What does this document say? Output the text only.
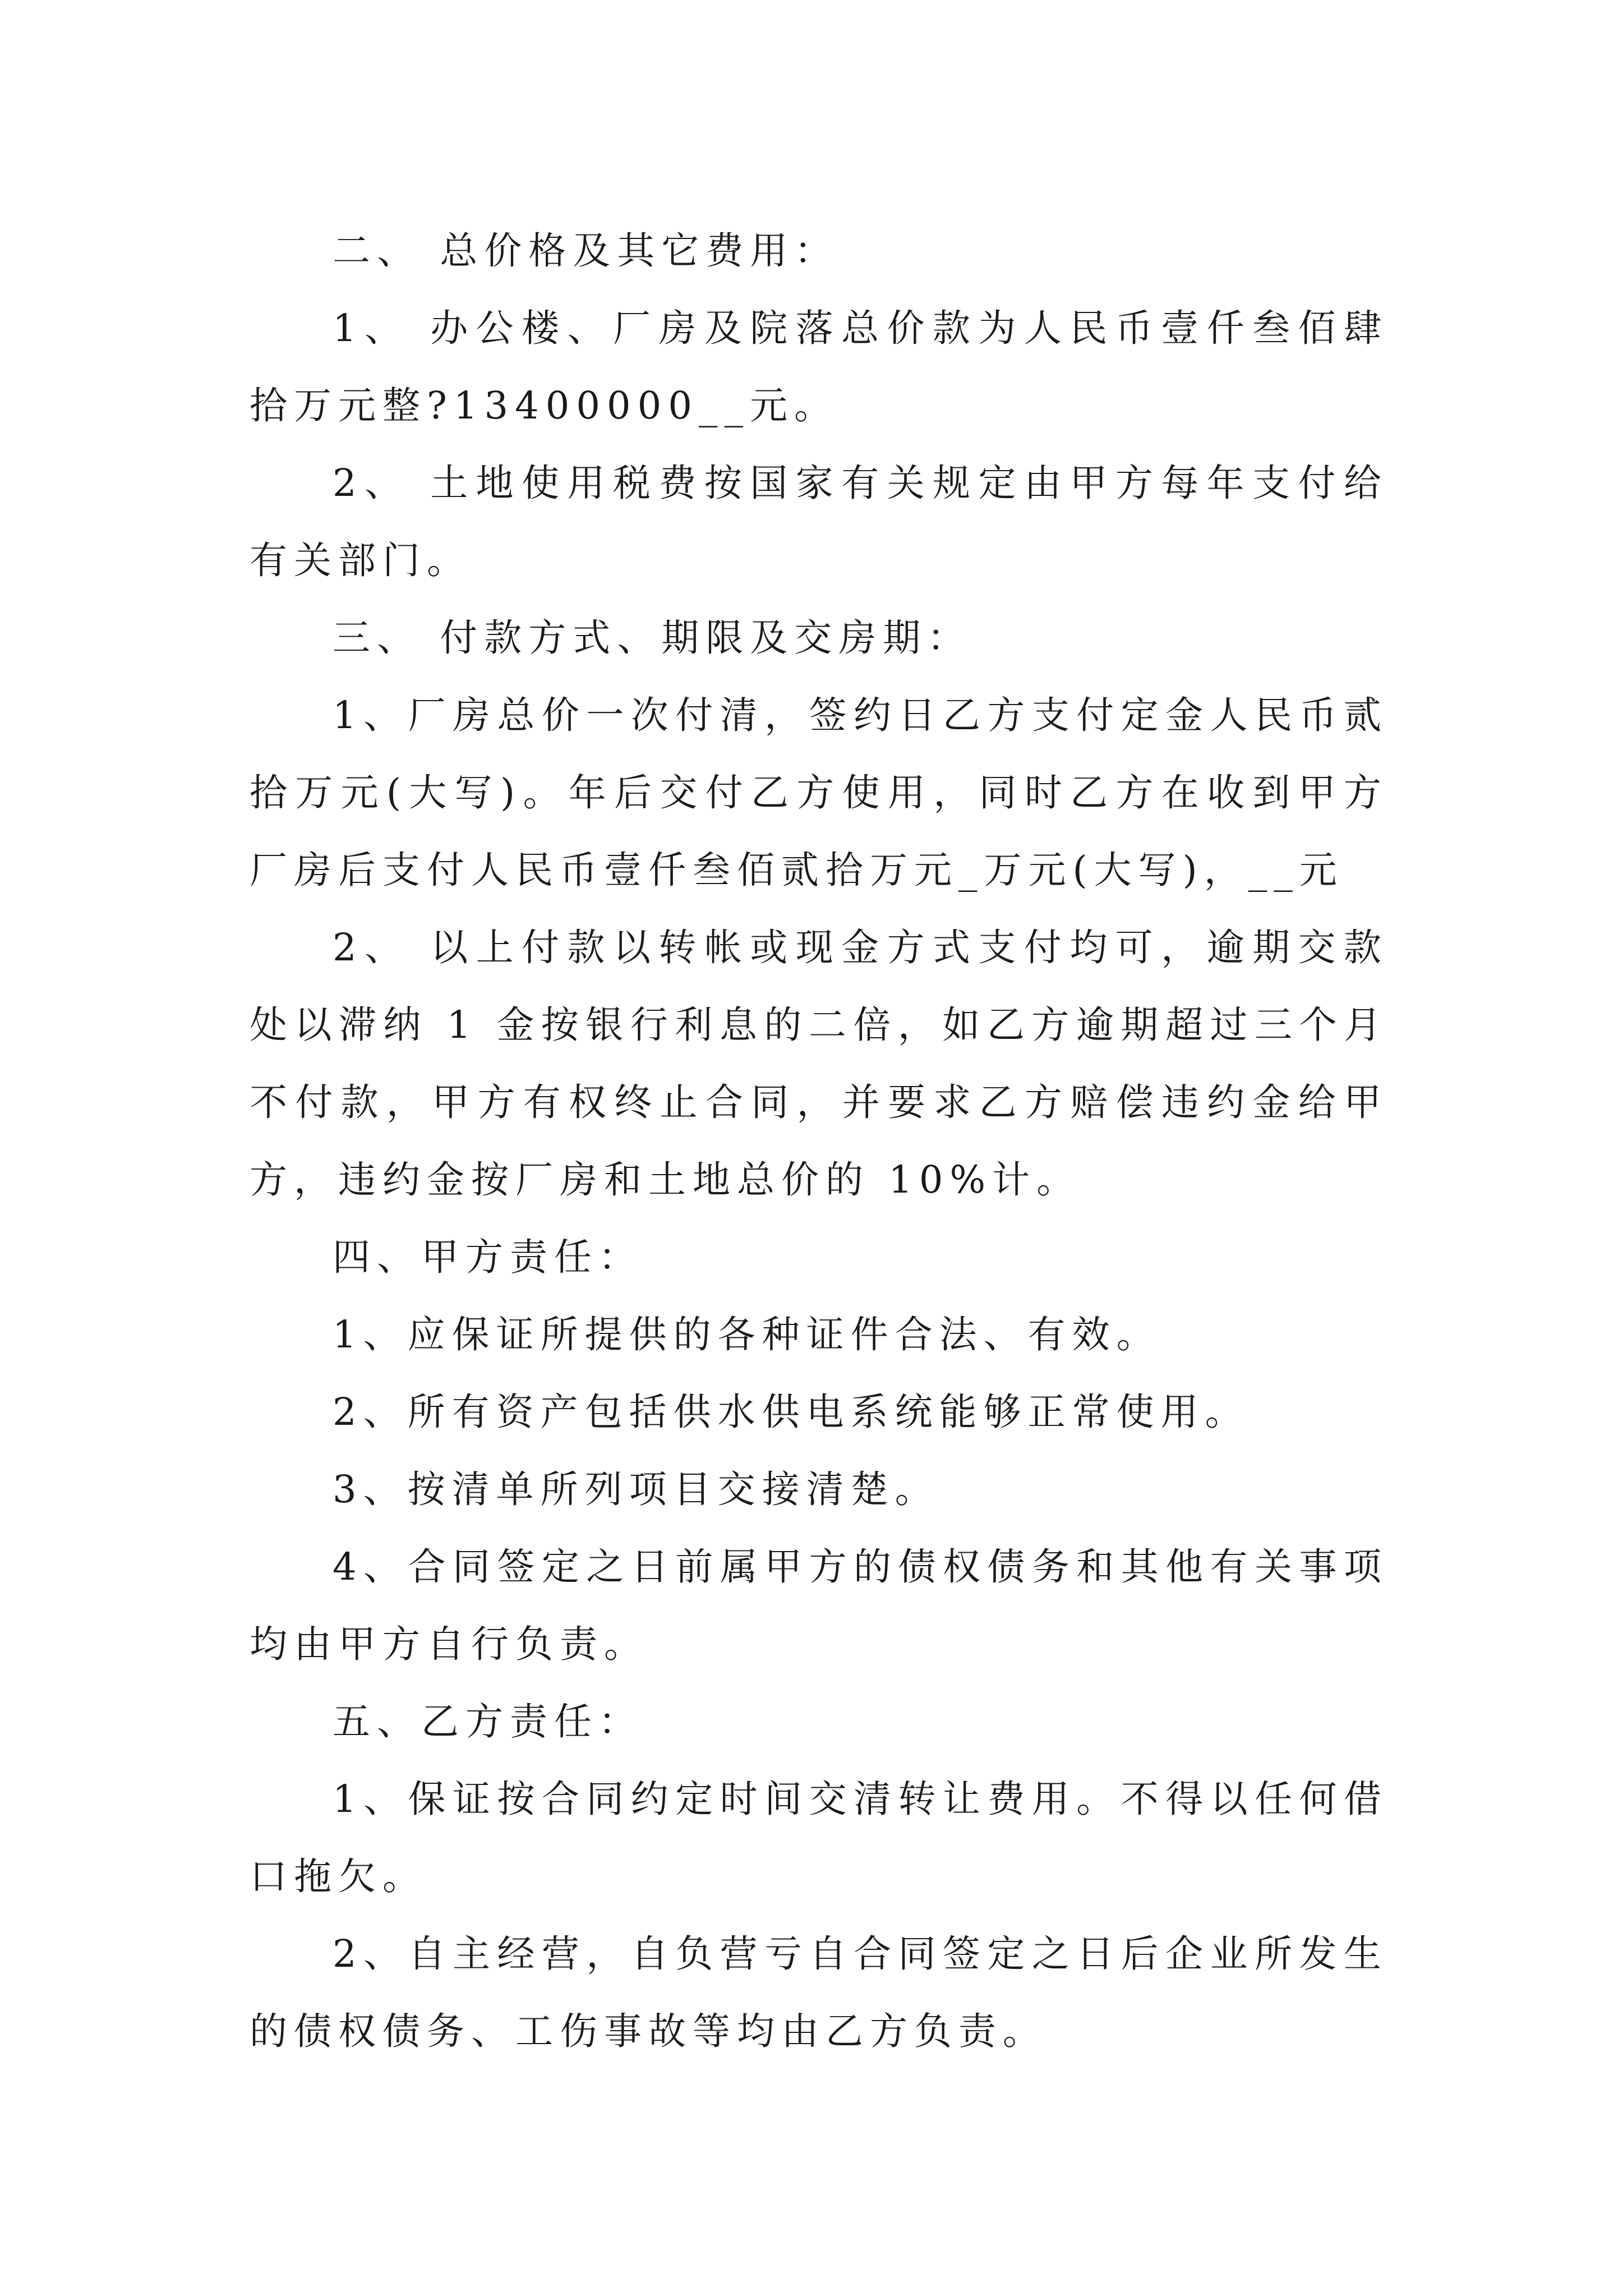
二、 总价格及其它费用：

1、 办公楼、厂房及院落总价款为人民币壹仟叁佰肆拾万元整?13400000__元。

2、 土地使用税费按国家有关规定由甲方每年支付给有关部门。

三、 付款方式、期限及交房期：

1、厂房总价一次付清，签约日乙方支付定金人民币贰拾万元(大写)。年后交付乙方使用，同时乙方在收到甲方厂房后支付人民币壹仟叁佰贰拾万元_万元(大写)，__元

2、 以上付款以转帐或现金方式支付均可，逾期交款处以滞纳 1 金按银行利息的二倍，如乙方逾期超过三个月不付款，甲方有权终止合同，并要求乙方赔偿违约金给甲方，违约金按厂房和土地总价的 10%计。

四、甲方责任：

1、应保证所提供的各种证件合法、有效。

2、所有资产包括供水供电系统能够正常使用。

3、按清单所列项目交接清楚。

4、合同签定之日前属甲方的债权债务和其他有关事项均由甲方自行负责。

五、乙方责任：

1、保证按合同约定时间交清转让费用。不得以任何借口拖欠。

2、自主经营，自负营亏自合同签定之日后企业所发生的债权债务、工伤事故等均由乙方负责。
